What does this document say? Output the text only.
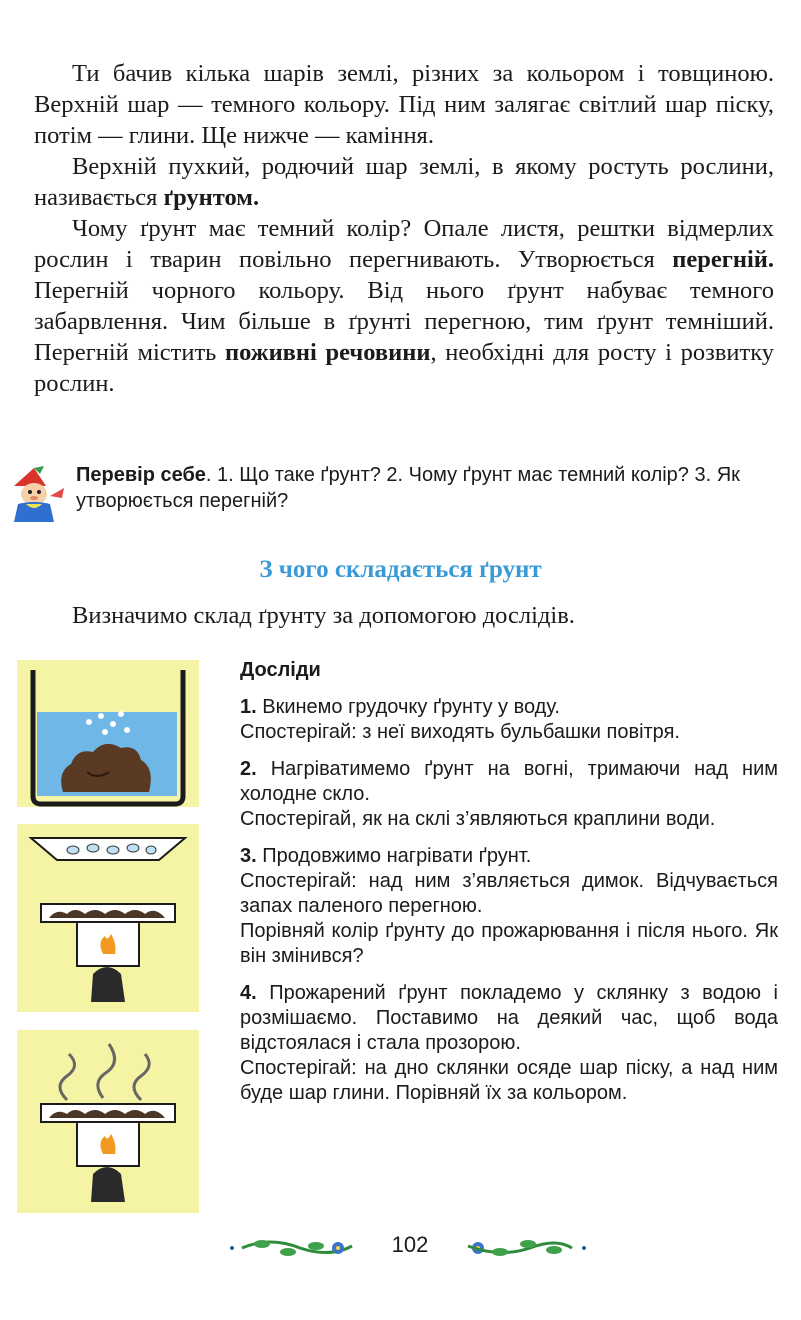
Ти бачив кілька шарів землі, різних за кольором і товщиною. Верхній шар — темного кольору. Під ним залягає світлий шар піску, потім — глини. Ще нижче — каміння.

Верхній пухкий, родючий шар землі, в якому ростуть рослини, називається ґрунтом.

Чому ґрунт має темний колір? Опале листя, рештки відмерлих рослин і тварин повільно перегнивають. Утворюється перегній. Перегній чорного кольору. Від нього ґрунт набуває темного забарвлення. Чим більше в ґрунті перегною, тим ґрунт темніший. Перегній містить поживні речовини, необхідні для росту і розвитку рослин.

Перевір себе. 1. Що таке ґрунт? 2. Чому ґрунт має темний колір? 3. Як утворюється перегній?
З чого складається ґрунт
Визначимо склад ґрунту за допомогою дослідів.
Досліди

1. Вкинемо грудочку ґрунту у воду.

Спостерігай: з неї виходять бульбашки повітря.

2. Нагріватимемо ґрунт на вогні, тримаючи над ним холодне скло.

Спостерігай, як на склі з’являються краплини води.

3. Продовжимо нагрівати ґрунт.

Спостерігай: над ним з’являється димок. Відчувається запах паленого перегною.

Порівняй колір ґрунту до прожарювання і після нього. Як він змінився?

4. Прожарений ґрунт покладемо у склянку з водою і розмішаємо. Поставимо на деякий час, щоб вода відстоялася і стала прозорою.

Спостерігай: на дно склянки осяде шар піску, а над ним буде шар глини. Порівняй їх за кольором.

102
